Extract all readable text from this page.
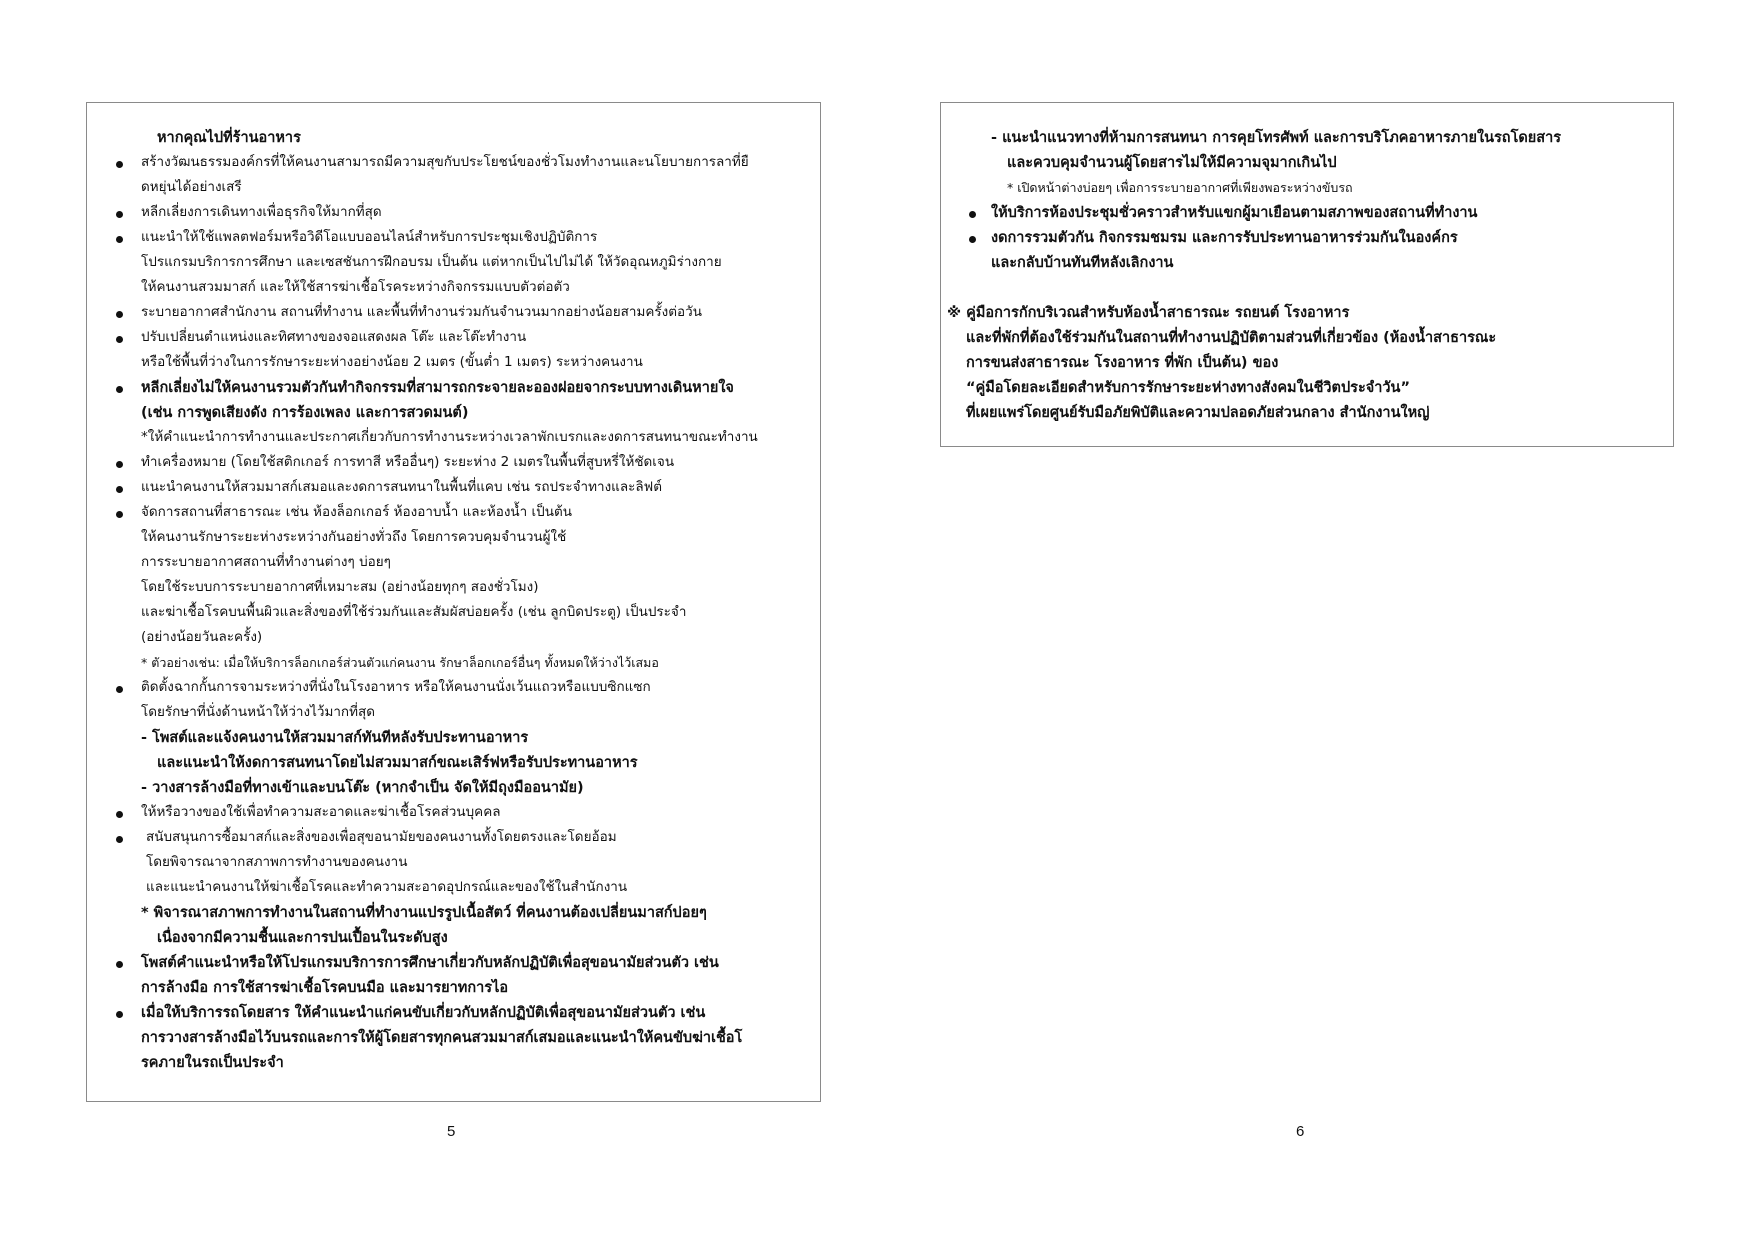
หากคุณไปที่ร้านอาหาร
สร้างวัฒนธรรมองค์กรที่ให้คนงานสามารถมีความสุขกับประโยชน์ของชั่วโมงทำงานและนโยบายการลาที่ยื
ดหยุ่นได้อย่างเสรี
หลีกเลี่ยงการเดินทางเพื่อธุรกิจให้มากที่สุด
แนะนำให้ใช้แพลตฟอร์มหรือวิดีโอแบบออนไลน์สำหรับการประชุมเชิงปฏิบัติการ
โปรแกรมบริการการศึกษา และเซสชันการฝึกอบรม เป็นต้น แต่หากเป็นไปไม่ได้ ให้วัดอุณหภูมิร่างกาย
ให้คนงานสวมมาสก์ และให้ใช้สารฆ่าเชื้อโรคระหว่างกิจกรรมแบบตัวต่อตัว
ระบายอากาศสำนักงาน สถานที่ทำงาน และพื้นที่ทำงานร่วมกันจำนวนมากอย่างน้อยสามครั้งต่อวัน
ปรับเปลี่ยนตำแหน่งและทิศทางของจอแสดงผล โต๊ะ และโต๊ะทำงาน
หรือใช้พื้นที่ว่างในการรักษาระยะห่างอย่างน้อย 2 เมตร (ขั้นต่ำ 1 เมตร) ระหว่างคนงาน
หลีกเลี่ยงไม่ให้คนงานรวมตัวกันทำกิจกรรมที่สามารถกระจายละอองฝอยจากระบบทางเดินหายใจ
(เช่น การพูดเสียงดัง การร้องเพลง และการสวดมนต์)
*ให้คำแนะนำการทำงานและประกาศเกี่ยวกับการทำงานระหว่างเวลาพักเบรกและงดการสนทนาขณะทำงาน
ทำเครื่องหมาย (โดยใช้สติกเกอร์ การทาสี หรืออื่นๆ) ระยะห่าง 2 เมตรในพื้นที่สูบหรี่ให้ชัดเจน
แนะนำคนงานให้สวมมาสก์เสมอและงดการสนทนาในพื้นที่แคบ เช่น รถประจำทางและลิฟต์
จัดการสถานที่สาธารณะ เช่น ห้องล็อกเกอร์ ห้องอาบน้ำ และห้องน้ำ เป็นต้น
ให้คนงานรักษาระยะห่างระหว่างกันอย่างทั่วถึง โดยการควบคุมจำนวนผู้ใช้
การระบายอากาศสถานที่ทำงานต่างๆ บ่อยๆ
โดยใช้ระบบการระบายอากาศที่เหมาะสม (อย่างน้อยทุกๆ สองชั่วโมง)
และฆ่าเชื้อโรคบนพื้นผิวและสิ่งของที่ใช้ร่วมกันและสัมผัสบ่อยครั้ง (เช่น ลูกบิดประตู) เป็นประจำ
(อย่างน้อยวันละครั้ง)
* ตัวอย่างเช่น: เมื่อให้บริการล็อกเกอร์ส่วนตัวแก่คนงาน รักษาล็อกเกอร์อื่นๆ ทั้งหมดให้ว่างไว้เสมอ
ติดตั้งฉากกั้นการจามระหว่างที่นั่งในโรงอาหาร หรือให้คนงานนั่งเว้นแถวหรือแบบซิกแซก
โดยรักษาที่นั่งด้านหน้าให้ว่างไว้มากที่สุด
- โพสต์และแจ้งคนงานให้สวมมาสก์ทันทีหลังรับประทานอาหาร
และแนะนำให้งดการสนทนาโดยไม่สวมมาสก์ขณะเสิร์ฟหรือรับประทานอาหาร
- วางสารล้างมือที่ทางเข้าและบนโต๊ะ (หากจำเป็น จัดให้มีถุงมืออนามัย)
ให้หรือวางของใช้เพื่อทำความสะอาดและฆ่าเชื้อโรคส่วนบุคคล
สนับสนุนการซื้อมาสก์และสิ่งของเพื่อสุขอนามัยของคนงานทั้งโดยตรงและโดยอ้อม
โดยพิจารณาจากสภาพการทำงานของคนงาน
และแนะนำคนงานให้ฆ่าเชื้อโรคและทำความสะอาดอุปกรณ์และของใช้ในสำนักงาน
* พิจารณาสภาพการทำงานในสถานที่ทำงานแปรรูปเนื้อสัตว์ ที่คนงานต้องเปลี่ยนมาสก์บ่อยๆ
เนื่องจากมีความชื้นและการปนเปื้อนในระดับสูง
โพสต์คำแนะนำหรือให้โปรแกรมบริการการศึกษาเกี่ยวกับหลักปฏิบัติเพื่อสุขอนามัยส่วนตัว เช่น
การล้างมือ การใช้สารฆ่าเชื้อโรคบนมือ และมารยาทการไอ
เมื่อให้บริการรถโดยสาร ให้คำแนะนำแก่คนขับเกี่ยวกับหลักปฏิบัติเพื่อสุขอนามัยส่วนตัว เช่น
การวางสารล้างมือไว้บนรถและการให้ผู้โดยสารทุกคนสวมมาสก์เสมอและแนะนำให้คนขับฆ่าเชื้อโ
รคภายในรถเป็นประจำ
5
- แนะนำแนวทางที่ห้ามการสนทนา การคุยโทรศัพท์ และการบริโภคอาหารภายในรถโดยสาร
และควบคุมจำนวนผู้โดยสารไม่ให้มีความจุมากเกินไป
* เปิดหน้าต่างบ่อยๆ เพื่อการระบายอากาศที่เพียงพอระหว่างขับรถ
ให้บริการห้องประชุมชั่วคราวสำหรับแขกผู้มาเยือนตามสภาพของสถานที่ทำงาน
งดการรวมตัวกัน กิจกรรมชมรม และการรับประทานอาหารร่วมกันในองค์กร
และกลับบ้านทันทีหลังเลิกงาน
※ คู่มือการกักบริเวณสำหรับห้องน้ำสาธารณะ รถยนต์ โรงอาหาร
และที่พักที่ต้องใช้ร่วมกันในสถานที่ทำงานปฏิบัติตามส่วนที่เกี่ยวข้อง (ห้องน้ำสาธารณะ
การขนส่งสาธารณะ โรงอาหาร ที่พัก เป็นต้น) ของ
“คู่มือโดยละเอียดสำหรับการรักษาระยะห่างทางสังคมในชีวิตประจำวัน”
ที่เผยแพร่โดยศูนย์รับมือภัยพิบัติและความปลอดภัยส่วนกลาง สำนักงานใหญ่
6
